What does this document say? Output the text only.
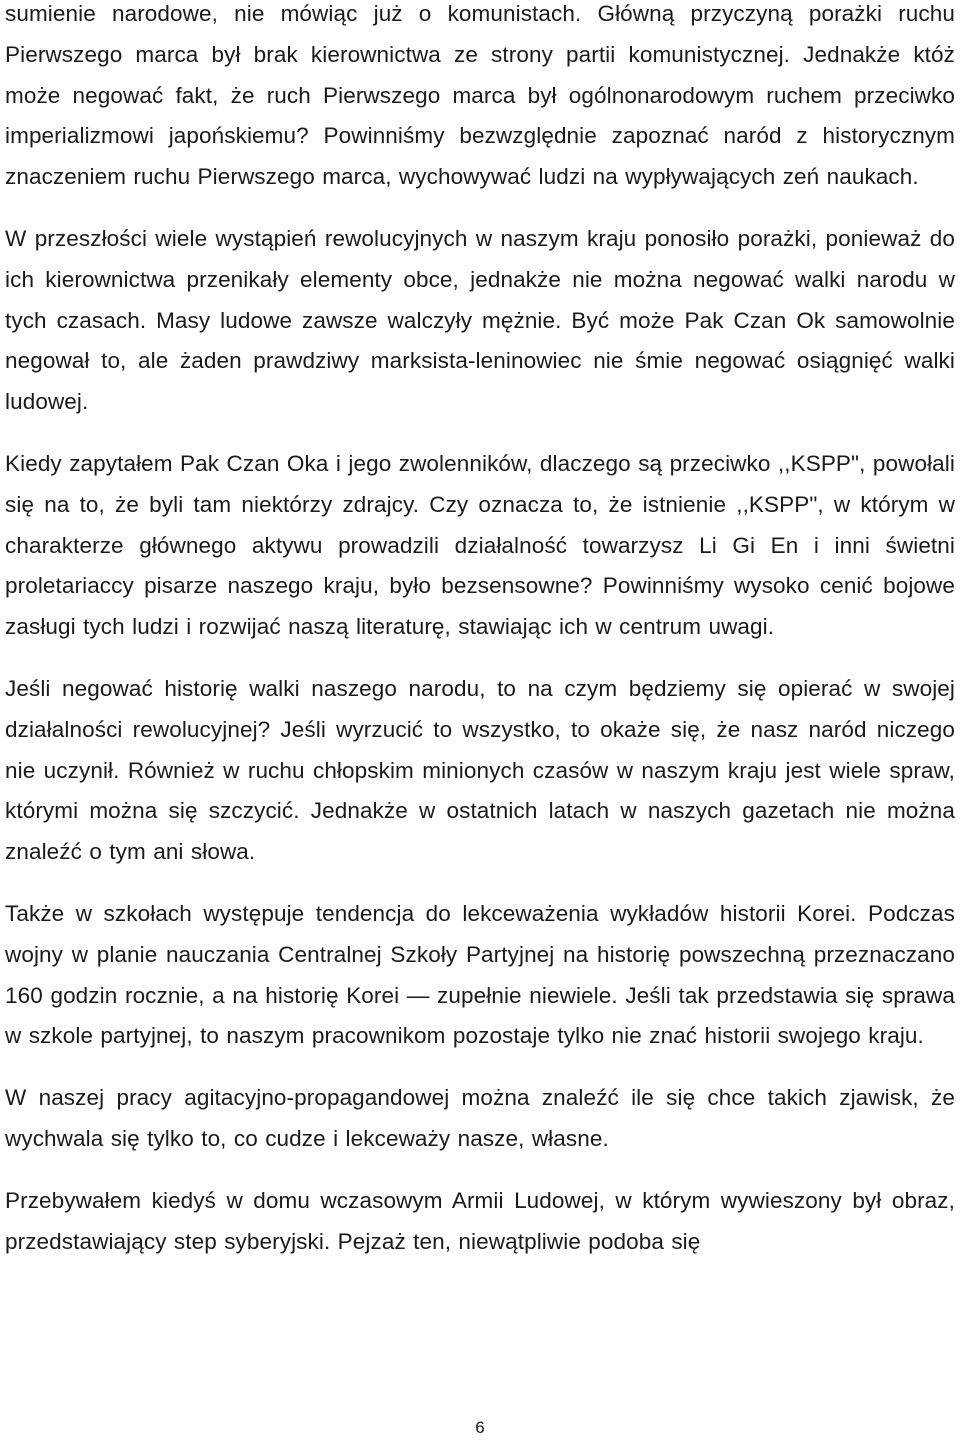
sumienie narodowe, nie mówiąc już o komunistach. Główną przyczyną porażki ruchu Pierwszego marca był brak kierownictwa ze strony partii komunistycznej. Jednakże któż może negować fakt, że ruch Pierwszego marca był ogólnonarodowym ruchem przeciwko imperializmowi japońskiemu? Powinniśmy bezwzględnie zapoznać naród z historycznym znaczeniem ruchu Pierwszego marca, wychowywać ludzi na wypływających zeń naukach.

W przeszłości wiele wystąpień rewolucyjnych w naszym kraju ponosiło porażki, ponieważ do ich kierownictwa przenikały elementy obce, jednakże nie można negować walki narodu w tych czasach. Masy ludowe zawsze walczyły mężnie. Być może Pak Czan Ok samowolnie negował to, ale żaden prawdziwy marksista-leninowiec nie śmie negować osiągnięć walki ludowej.

Kiedy zapytałem Pak Czan Oka i jego zwolenników, dlaczego są przeciwko ,,KSPP", powołali się na to, że byli tam niektórzy zdrajcy. Czy oznacza to, że istnienie ,,KSPP", w którym w charakterze głównego aktywu prowadzili działalność towarzysz Li Gi En i inni świetni proletariaccy pisarze naszego kraju, było bezsensowne? Powinniśmy wysoko cenić bojowe zasługi tych ludzi i rozwijać naszą literaturę, stawiając ich w centrum uwagi.

Jeśli negować historię walki naszego narodu, to na czym będziemy się opierać w swojej działalności rewolucyjnej? Jeśli wyrzucić to wszystko, to okaże się, że nasz naród niczego nie uczynił. Również w ruchu chłopskim minionych czasów w naszym kraju jest wiele spraw, którymi można się szczycić. Jednakże w ostatnich latach w naszych gazetach nie można znaleźć o tym ani słowa.

Także w szkołach występuje tendencja do lekceważenia wykładów historii Korei. Podczas wojny w planie nauczania Centralnej Szkoły Partyjnej na historię powszechną przeznaczano 160 godzin rocznie, a na historię Korei — zupełnie niewiele. Jeśli tak przedstawia się sprawa w szkole partyjnej, to naszym pracownikom pozostaje tylko nie znać historii swojego kraju.

W naszej pracy agitacyjno-propagandowej można znaleźć ile się chce takich zjawisk, że wychwala się tylko to, co cudze i lekceważy nasze, własne.

Przebywałem kiedyś w domu wczasowym Armii Ludowej, w którym wywieszony był obraz, przedstawiający step syberyjski. Pejzaż ten, niewątpliwie podoba się

6
